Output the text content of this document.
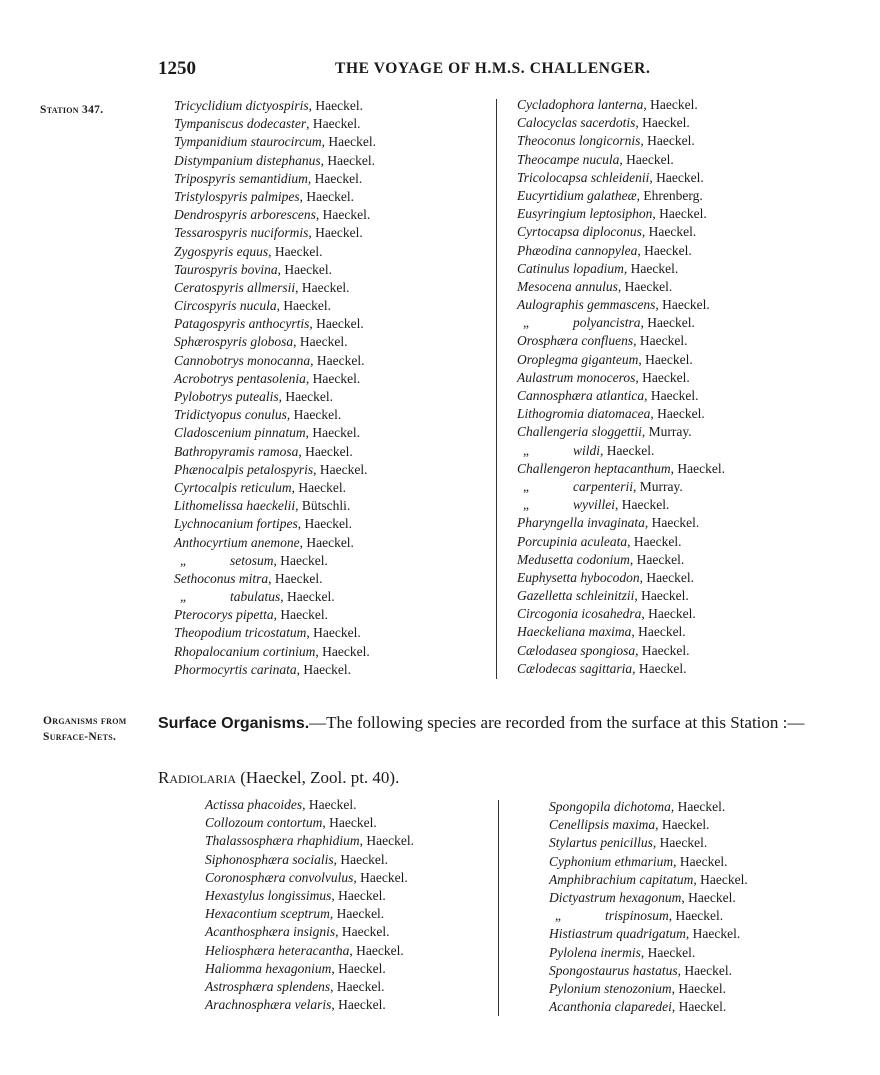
1250	THE VOYAGE OF H.M.S. CHALLENGER.
Station 347.	Tricyclidium dictyospiris, Haeckel.
Tympaniscus dodecaster, Haeckel.
Tympanidium staurocircum, Haeckel.
Distympanium distephanus, Haeckel.
Tripospyris semantidium, Haeckel.
Tristylospyris palmipes, Haeckel.
Dendrospyris arborescens, Haeckel.
Tessarospyris nuciformis, Haeckel.
Zygospyris equus, Haeckel.
Taurospyris bovina, Haeckel.
Ceratospyris allmersii, Haeckel.
Circospyris nucula, Haeckel.
Patagospyris anthocyrtis, Haeckel.
Sphærospyris globosa, Haeckel.
Cannobotrys monocanna, Haeckel.
Acrobotrys pentasolenia, Haeckel.
Pylobotrys putealis, Haeckel.
Tridictyopus conulus, Haeckel.
Cladoscenium pinnatum, Haeckel.
Bathropyramis ramosa, Haeckel.
Phænocalpis petalospyris, Haeckel.
Cyrtocalpis reticulum, Haeckel.
Lithomelissa haeckelii, Bütschli.
Lychnocanium fortipes, Haeckel.
Anthocyrtium anemone, Haeckel.
„	setosum, Haeckel.
Sethoconus mitra, Haeckel.
„	tabulatus, Haeckel.
Pterocorys pipetta, Haeckel.
Theopodium tricostatum, Haeckel.
Rhopalocanium cortinium, Haeckel.
Phormocyrtis carinata, Haeckel.
Cycladophora lanterna, Haeckel.
Calocyclas sacerdotis, Haeckel.
Theoconus longicornis, Haeckel.
Theocampe nucula, Haeckel.
Tricolocapsa schleidenii, Haeckel.
Eucyrtidium galatheæ, Ehrenberg.
Eusyringium leptosiphon, Haeckel.
Cyrtocapsa diploconus, Haeckel.
Phæodina cannopylea, Haeckel.
Catinulus lopadium, Haeckel.
Mesocena annulus, Haeckel.
Aulographis gemmascens, Haeckel.
„	polyancistra, Haeckel.
Orosphæra confluens, Haeckel.
Oroplegma giganteum, Haeckel.
Aulastrum monoceros, Haeckel.
Cannosphæra atlantica, Haeckel.
Lithogromia diatomacea, Haeckel.
Challengeria sloggettii, Murray.
„	wildi, Haeckel.
Challengeron heptacanthum, Haeckel.
„	carpenterii, Murray.
„	wyvillei, Haeckel.
Pharyngella invaginata, Haeckel.
Porcupinia aculeata, Haeckel.
Medusetta codonium, Haeckel.
Euphysetta hybocodon, Haeckel.
Gazelletta schleinitzii, Haeckel.
Circogonia icosahedra, Haeckel.
Haeckeliana maxima, Haeckel.
Cælodasea spongiosa, Haeckel.
Cælodecas sagittaria, Haeckel.
Organisms from
Surface-Nets.
Surface Organisms.—The following species are recorded from the surface at this Station :—
Radiolaria (Haeckel, Zool. pt. 40).
Actissa phacoides, Haeckel.
Collozoum contortum, Haeckel.
Thalassosphæra rhaphidium, Haeckel.
Siphonosphæra socialis, Haeckel.
Coronosphæra convolvulus, Haeckel.
Hexastylus longissimus, Haeckel.
Hexacontium sceptrum, Haeckel.
Acanthosphæra insignis, Haeckel.
Heliosphæra heteracantha, Haeckel.
Haliomma hexagonium, Haeckel.
Astrosphæra splendens, Haeckel.
Arachnosphæra velaris, Haeckel.
Spongopila dichotoma, Haeckel.
Cenellipsis maxima, Haeckel.
Stylartus penicillus, Haeckel.
Cyphonium ethmarium, Haeckel.
Amphibrachium capitatum, Haeckel.
Dictyastrum hexagonum, Haeckel.
„	trispinosum, Haeckel.
Histiastrum quadrigatum, Haeckel.
Pylolena inermis, Haeckel.
Spongostaurus hastatus, Haeckel.
Pylonium stenozonium, Haeckel.
Acanthonia claparedei, Haeckel.
